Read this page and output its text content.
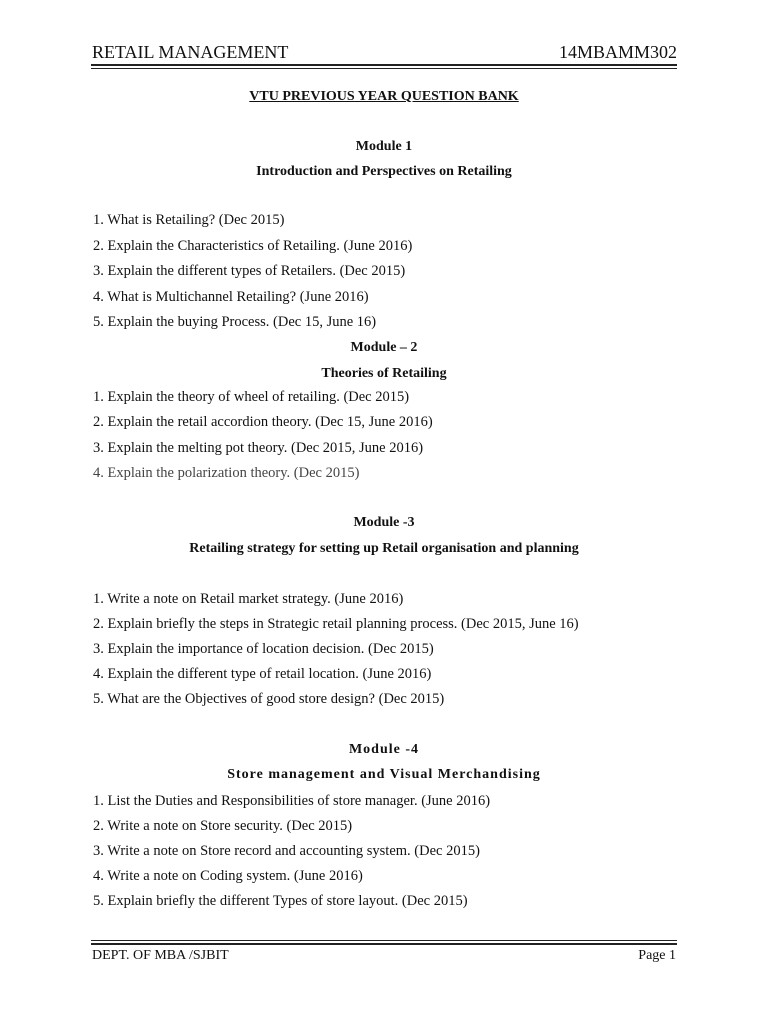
RETAIL MANAGEMENT	14MBAMM302
VTU PREVIOUS YEAR QUESTION BANK
Module 1
Introduction and Perspectives on Retailing
1. What is Retailing? (Dec 2015)
2. Explain the Characteristics of Retailing. (June 2016)
3. Explain the different types of Retailers. (Dec 2015)
4. What is Multichannel Retailing? (June 2016)
5. Explain the buying Process. (Dec 15, June 16)
Module – 2
Theories of Retailing
1. Explain the theory of wheel of retailing. (Dec 2015)
2. Explain the retail accordion theory. (Dec 15, June 2016)
3. Explain the melting pot theory. (Dec 2015, June 2016)
4. Explain the polarization theory. (Dec 2015)
Module -3
Retailing strategy for setting up Retail organisation and planning
1. Write a note on Retail market strategy. (June 2016)
2. Explain briefly the steps in Strategic retail planning process. (Dec 2015, June 16)
3. Explain the importance of location decision. (Dec 2015)
4. Explain the different type of retail location. (June 2016)
5. What are the Objectives of good store design? (Dec 2015)
Module -4
Store management and Visual Merchandising
1. List the Duties and Responsibilities of store manager. (June 2016)
2. Write a note on Store security. (Dec 2015)
3. Write a note on Store record and accounting system. (Dec 2015)
4. Write a note on Coding system. (June 2016)
5. Explain briefly the different Types of store layout. (Dec 2015)
DEPT. OF MBA /SJBIT	Page 1
